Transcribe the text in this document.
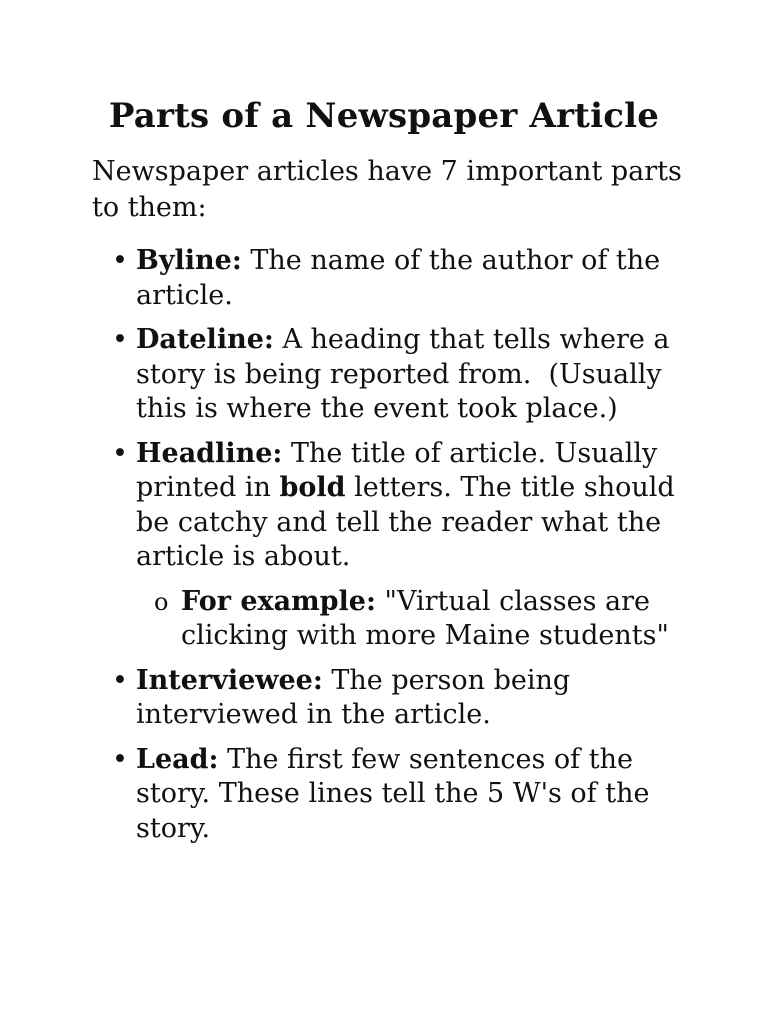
Parts of a Newspaper Article

Newspaper articles have 7 important parts to them:

• Byline: The name of the author of the article.
• Dateline: A heading that tells where a story is being reported from.  (Usually this is where the event took place.)
• Headline: The title of article. Usually printed in bold letters. The title should be catchy and tell the reader what the article is about.
o For example: "Virtual classes are clicking with more Maine students"
• Interviewee: The person being interviewed in the article.
• Lead: The first few sentences of the story. These lines tell the 5 W's of the story.
